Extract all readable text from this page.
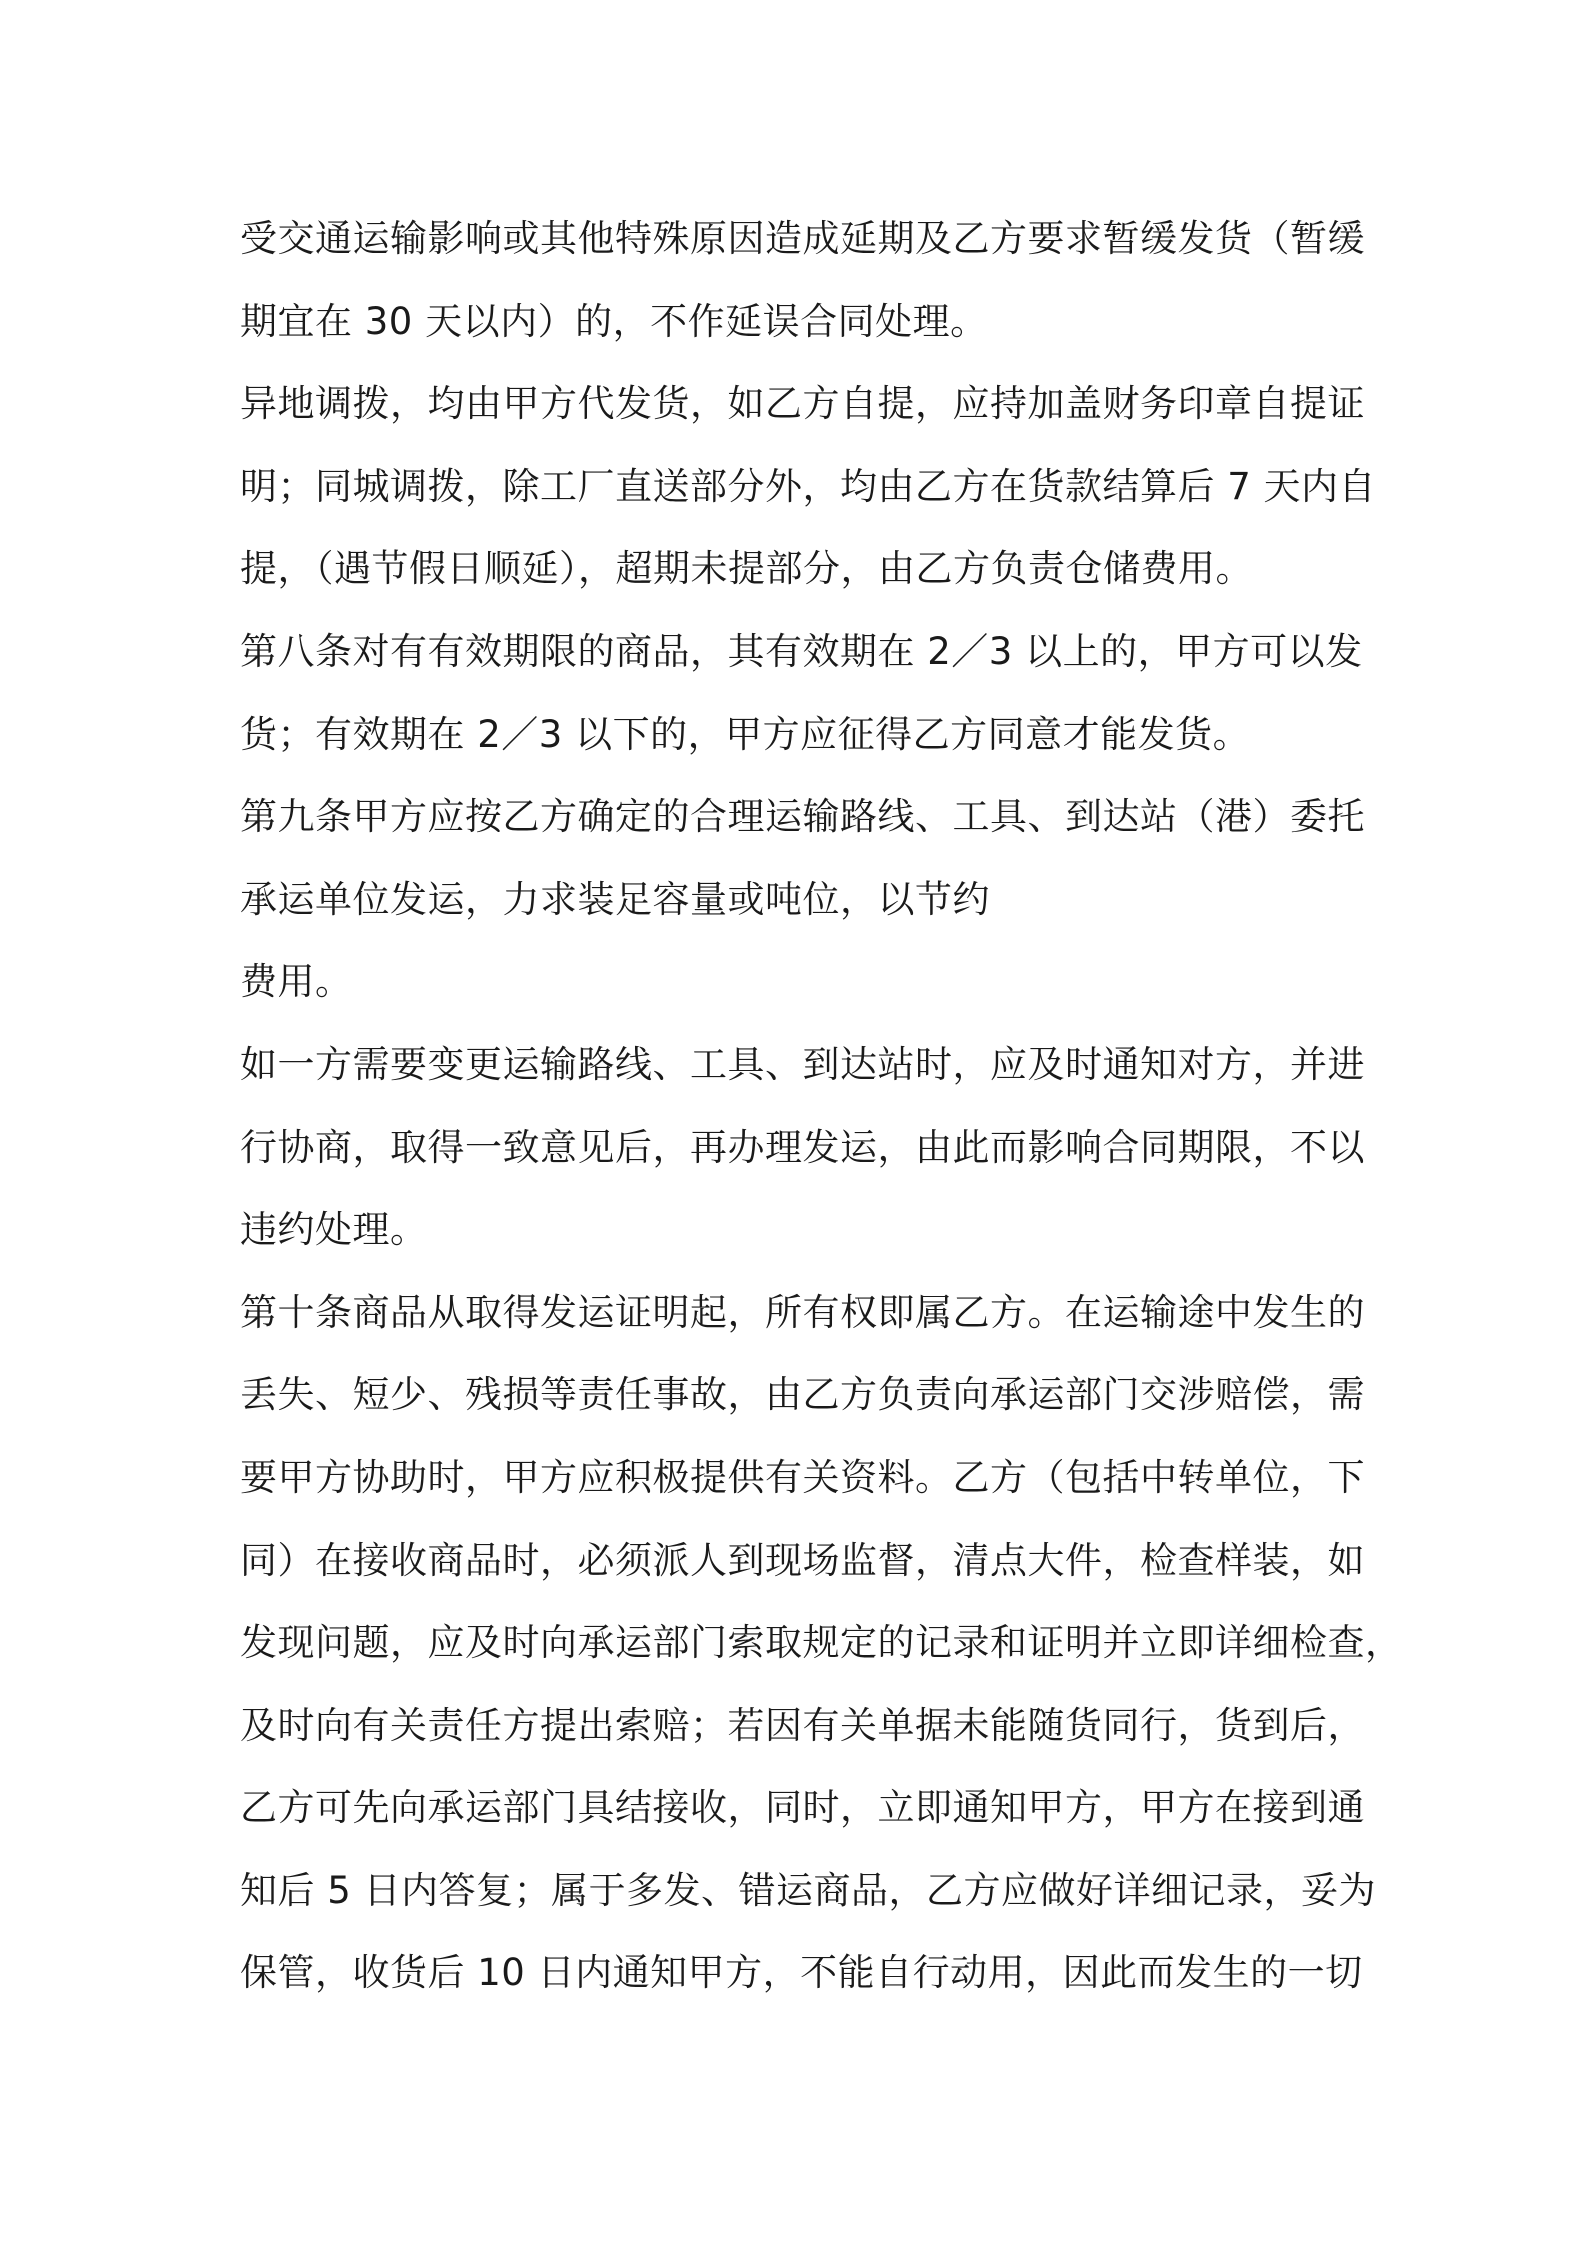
受交通运输影响或其他特殊原因造成延期及乙方要求暂缓发货（暂缓
期宜在 30 天以内）的，不作延误合同处理。

异地调拨，均由甲方代发货，如乙方自提，应持加盖财务印章自提证
明；同城调拨，除工厂直送部分外，均由乙方在货款结算后 7 天内自
提，（遇节假日顺延），超期未提部分，由乙方负责仓储费用。

第八条对有有效期限的商品，其有效期在 2／3 以上的，甲方可以发
货；有效期在 2／3 以下的，甲方应征得乙方同意才能发货。

第九条甲方应按乙方确定的合理运输路线、工具、到达站（港）委托
承运单位发运，力求装足容量或吨位，以节约

费用。

如一方需要变更运输路线、工具、到达站时，应及时通知对方，并进
行协商，取得一致意见后，再办理发运，由此而影响合同期限，不以
违约处理。

第十条商品从取得发运证明起，所有权即属乙方。在运输途中发生的
丢失、短少、残损等责任事故，由乙方负责向承运部门交涉赔偿，需
要甲方协助时，甲方应积极提供有关资料。乙方（包括中转单位，下
同）在接收商品时，必须派人到现场监督，清点大件，检查样装，如
发现问题，应及时向承运部门索取规定的记录和证明并立即详细检查，
及时向有关责任方提出索赔；若因有关单据未能随货同行，货到后，
乙方可先向承运部门具结接收，同时，立即通知甲方，甲方在接到通
知后 5 日内答复；属于多发、错运商品，乙方应做好详细记录，妥为
保管，收货后 10 日内通知甲方，不能自行动用，因此而发生的一切
